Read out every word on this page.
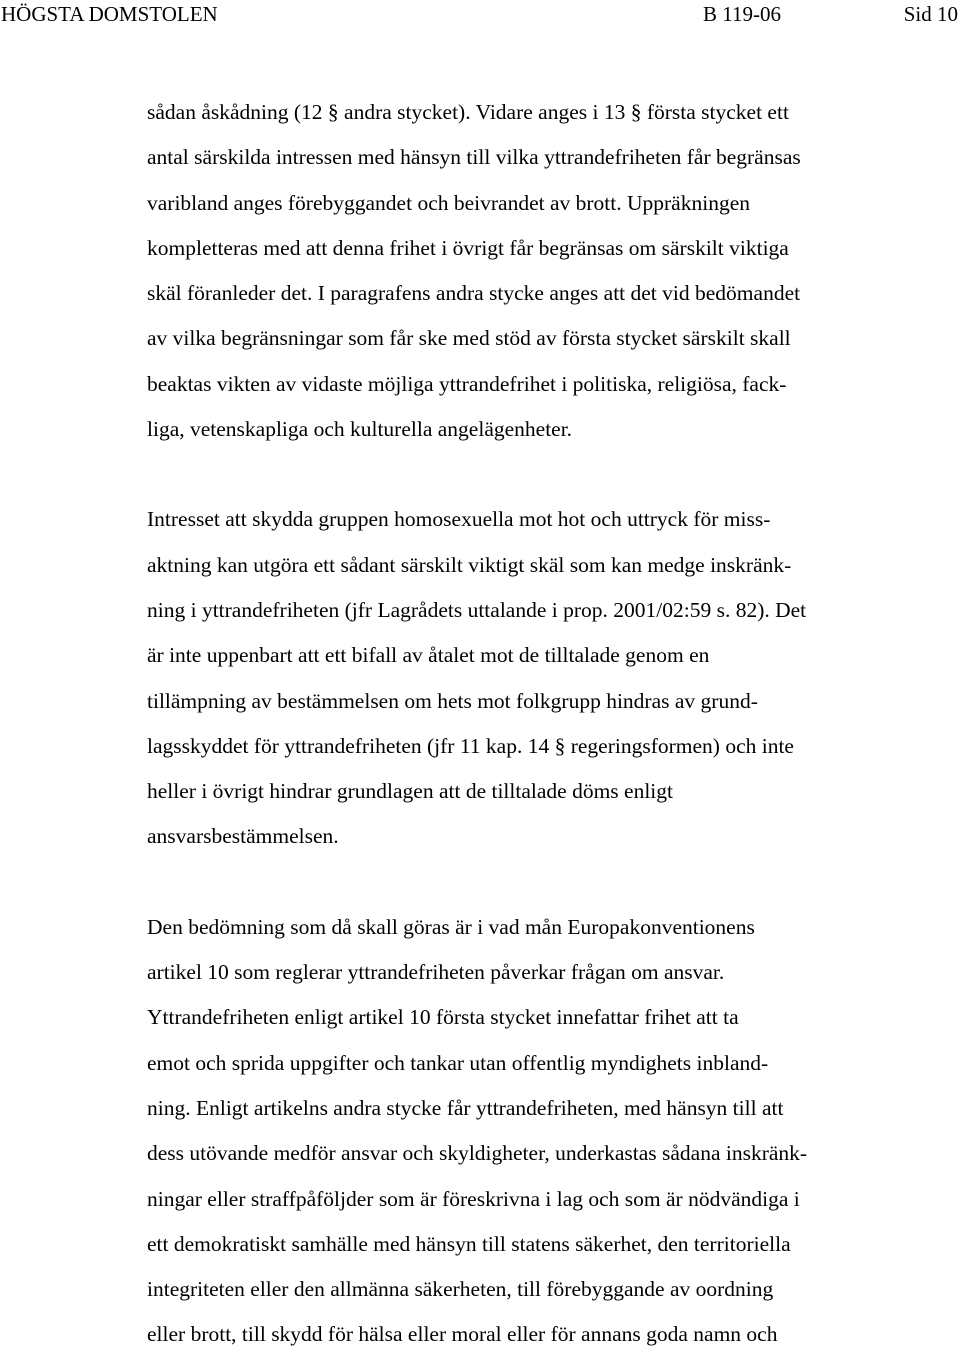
HÖGSTA DOMSTOLEN	B 119-06	Sid 10

sådan åskådning (12 § andra stycket). Vidare anges i 13 § första stycket ett
antal särskilda intressen med hänsyn till vilka yttrandefriheten får begränsas
varibland anges förebyggandet och beivrandet av brott. Uppräkningen
kompletteras med att denna frihet i övrigt får begränsas om särskilt viktiga
skäl föranleder det. I paragrafens andra stycke anges att det vid bedömandet
av vilka begränsningar som får ske med stöd av första stycket särskilt skall
beaktas vikten av vidaste möjliga yttrandefrihet i politiska, religiösa, fack-
liga, vetenskapliga och kulturella angelägenheter.

Intresset att skydda gruppen homosexuella mot hot och uttryck för miss-
aktning kan utgöra ett sådant särskilt viktigt skäl som kan medge inskränk-
ning i yttrandefriheten (jfr Lagrådets uttalande i prop. 2001/02:59 s. 82). Det
är inte uppenbart att ett bifall av åtalet mot de tilltalade genom en
tillämpning av bestämmelsen om hets mot folkgrupp hindras av grund-
lagsskyddet för yttrandefriheten (jfr 11 kap. 14 § regeringsformen) och inte
heller i övrigt hindrar grundlagen att de tilltalade döms enligt
ansvarsbestämmelsen.

Den bedömning som då skall göras är i vad mån Europakonventionens
artikel 10 som reglerar yttrandefriheten påverkar frågan om ansvar.
Yttrandefriheten enligt artikel 10 första stycket innefattar frihet att ta
emot och sprida uppgifter och tankar utan offentlig myndighets inbland-
ning. Enligt artikelns andra stycke får yttrandefriheten, med hänsyn till att
dess utövande medför ansvar och skyldigheter, underkastas sådana inskränk-
ningar eller straffpåföljder som är föreskrivna i lag och som är nödvändiga i
ett demokratiskt samhälle med hänsyn till statens säkerhet, den territoriella
integriteten eller den allmänna säkerheten, till förebyggande av oordning
eller brott, till skydd för hälsa eller moral eller för annans goda namn och
